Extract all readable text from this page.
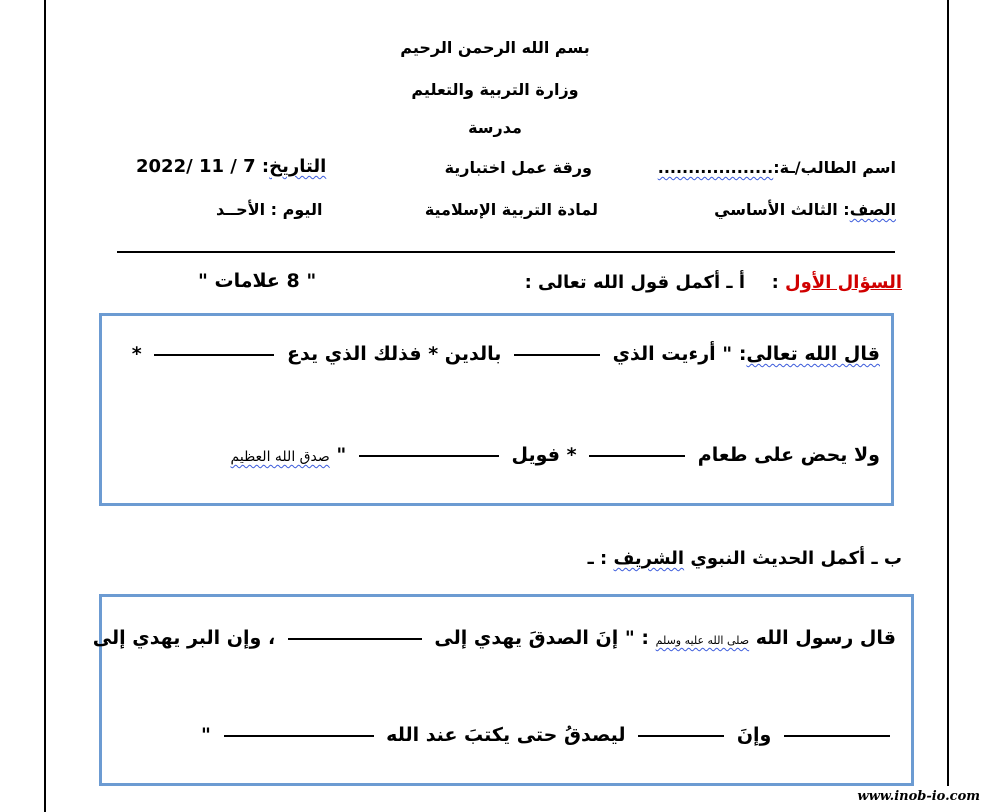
بسم الله الرحمن الرحيم
وزارة التربية والتعليم
مدرسة
اسم الطالب/ـة:...................
ورقة عمل اختبارية
التاريخ: 7 / 11 /2022
الصف: الثالث الأساسي
لمادة التربية الإسلامية
اليوم : الأحــد
السؤال الأول :  أ ـ أكمل قول الله تعالى :
" 8 علامات "
قال الله تعالى: " أرءيت الذي  بالدين * فذلك الذي يدع  *
ولا يحض على طعام  * فويل  " صدق الله العظيم
ب ـ أكمل الحديث النبوي الشريف : ـ
قال رسول الله صلى الله عليه وسلم : " إنَ الصدقَ يهدي إلى  ، وإن البر يهدي إلى
وإنَ  ليصدقُ حتى يكتبَ عند الله  "
www.inob-io.com
